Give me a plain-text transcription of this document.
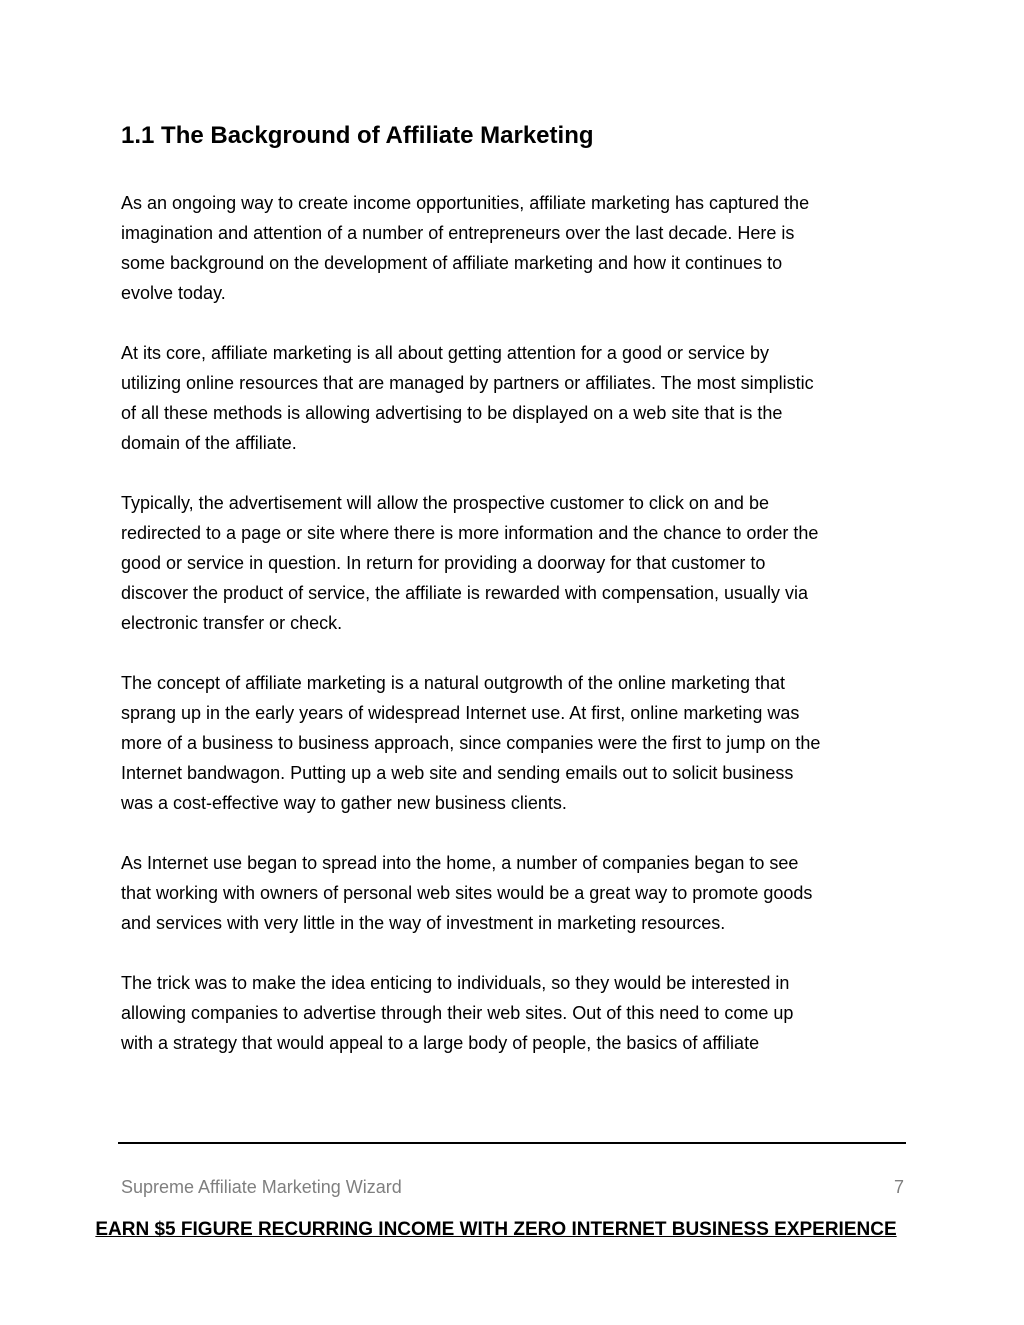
1.1 The Background of Affiliate Marketing

As an ongoing way to create income opportunities, affiliate marketing has captured the
imagination and attention of a number of entrepreneurs over the last decade. Here is
some background on the development of affiliate marketing and how it continues to
evolve today.

At its core, affiliate marketing is all about getting attention for a good or service by
utilizing online resources that are managed by partners or affiliates. The most simplistic
of all these methods is allowing advertising to be displayed on a web site that is the
domain of the affiliate.

Typically, the advertisement will allow the prospective customer to click on and be
redirected to a page or site where there is more information and the chance to order the
good or service in question. In return for providing a doorway for that customer to
discover the product of service, the affiliate is rewarded with compensation, usually via
electronic transfer or check.

The concept of affiliate marketing is a natural outgrowth of the online marketing that
sprang up in the early years of widespread Internet use. At first, online marketing was
more of a business to business approach, since companies were the first to jump on the
Internet bandwagon. Putting up a web site and sending emails out to solicit business
was a cost-effective way to gather new business clients.

As Internet use began to spread into the home, a number of companies began to see
that working with owners of personal web sites would be a great way to promote goods
and services with very little in the way of investment in marketing resources.

The trick was to make the idea enticing to individuals, so they would be interested in
allowing companies to advertise through their web sites. Out of this need to come up
with a strategy that would appeal to a large body of people, the basics of affiliate

Supreme Affiliate Marketing Wizard	7
EARN $5 FIGURE RECURRING INCOME WITH ZERO INTERNET BUSINESS EXPERIENCE
